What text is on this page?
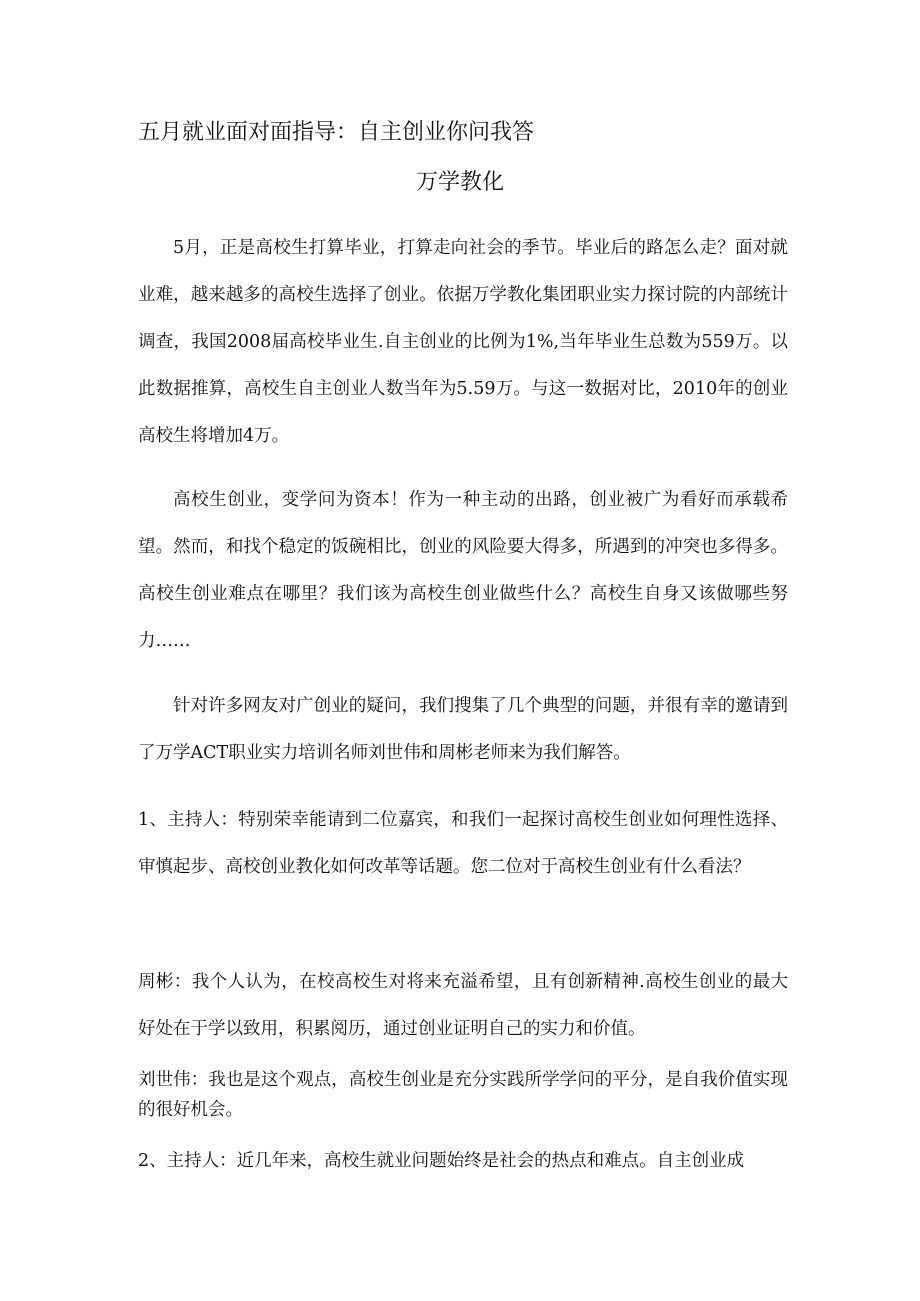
五月就业面对面指导：自主创业你问我答

万学教化

5月，正是高校生打算毕业，打算走向社会的季节。毕业后的路怎么走？面对就业难，越来越多的高校生选择了创业。依据万学教化集团职业实力探讨院的内部统计调查，我国2008届高校毕业生.自主创业的比例为1%,当年毕业生总数为559万。以此数据推算，高校生自主创业人数当年为5.59万。与这一数据对比，2010年的创业高校生将增加4万。

高校生创业，变学问为资本！作为一种主动的出路，创业被广为看好而承载希望。然而，和找个稳定的饭碗相比，创业的风险要大得多，所遇到的冲突也多得多。高校生创业难点在哪里？我们该为高校生创业做些什么？高校生自身又该做哪些努力……

针对许多网友对广创业的疑问，我们搜集了几个典型的问题，并很有幸的邀请到了万学ACT职业实力培训名师刘世伟和周彬老师来为我们解答。

1、主持人：特别荣幸能请到二位嘉宾，和我们一起探讨高校生创业如何理性选择、审慎起步、高校创业教化如何改革等话题。您二位对于高校生创业有什么看法？

周彬：我个人认为，在校高校生对将来充溢希望，且有创新精神.高校生创业的最大好处在于学以致用，积累阅历，通过创业证明自己的实力和价值。

刘世伟：我也是这个观点，高校生创业是充分实践所学学问的平分，是自我价值实现的很好机会。

2、主持人：近几年来，高校生就业问题始终是社会的热点和难点。自主创业成
